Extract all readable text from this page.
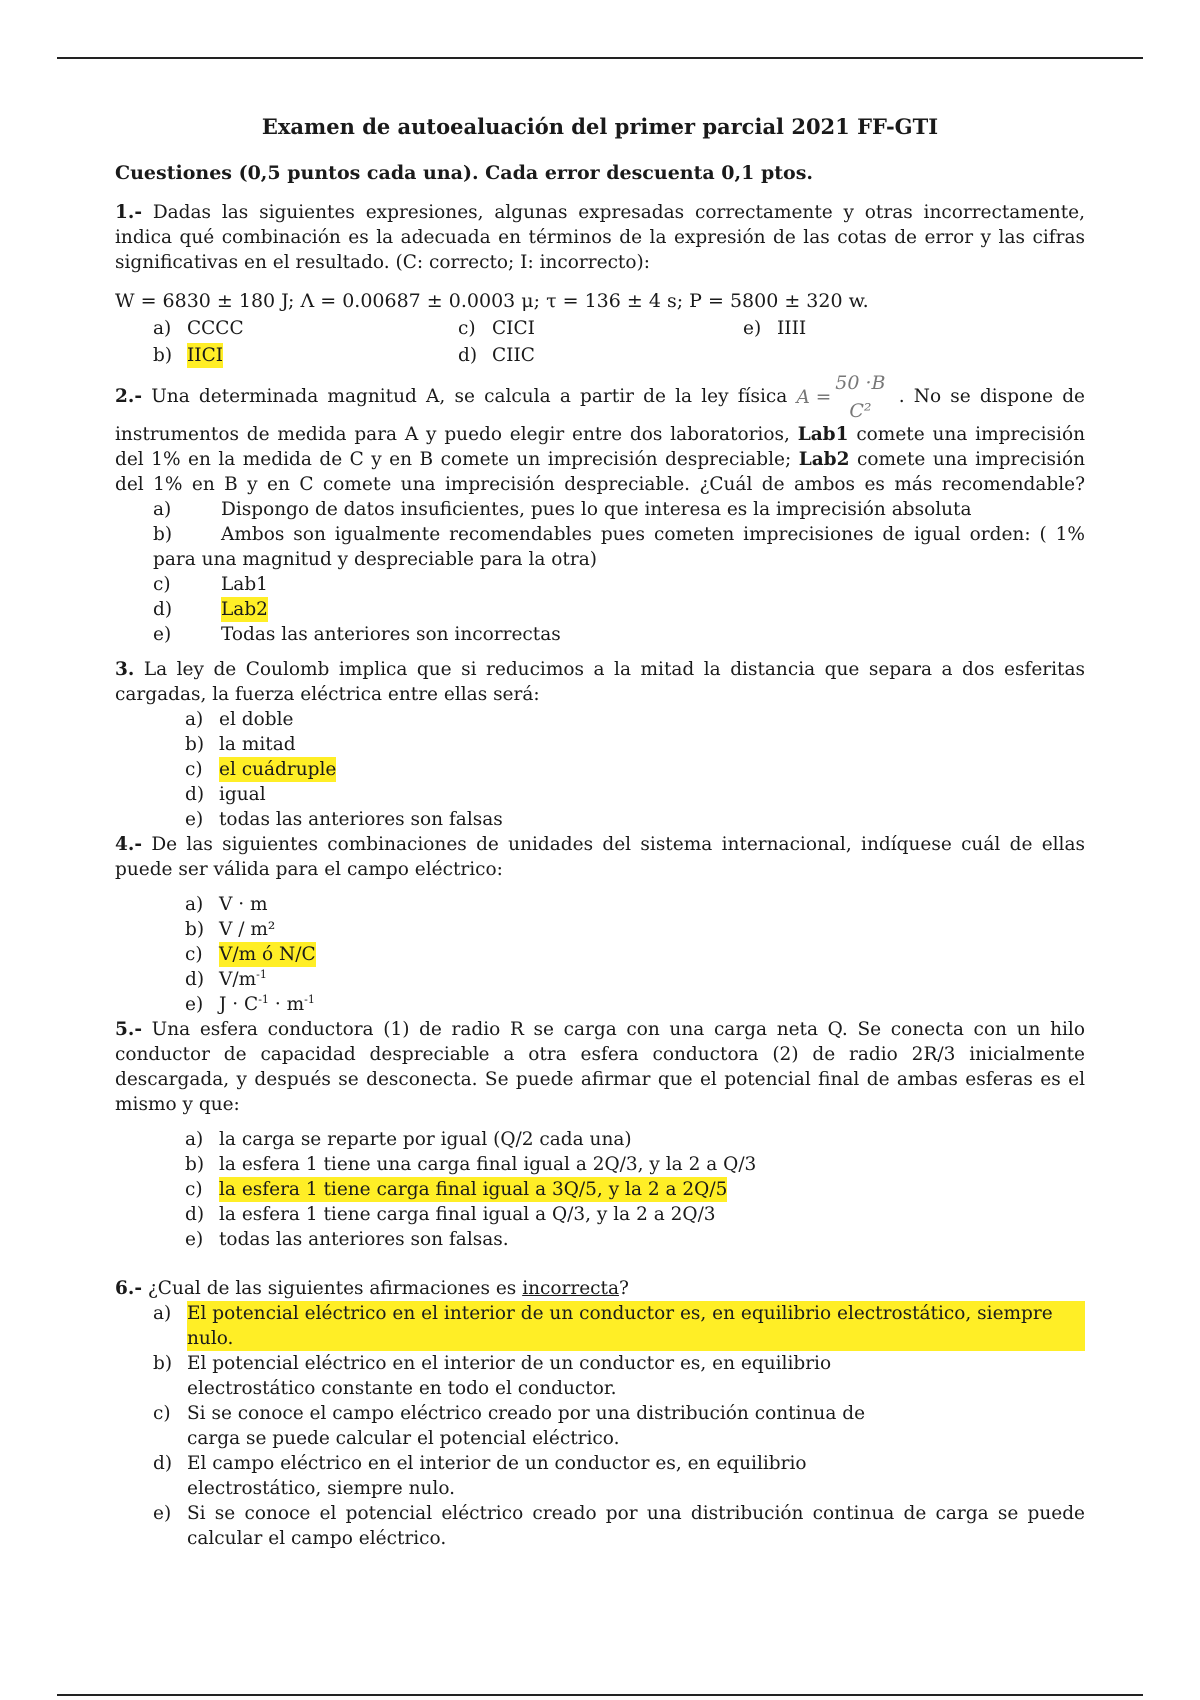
Examen de autoealuación del primer parcial 2021 FF-GTI
Cuestiones (0,5 puntos cada una). Cada error descuenta 0,1 ptos.

1.- Dadas las siguientes expresiones, algunas expresadas correctamente y otras incorrectamente, indica qué combinación es la adecuada en términos de la expresión de las cotas de error y las cifras significativas en el resultado. (C: correcto; I: incorrecto):

W = 6830 ± 180 J; Λ = 0.00687 ± 0.0003 μ; τ = 136 ± 4 s; P = 5800 ± 320 w.

a) CCCC	c) CICI	e) IIII
b) IICI	d) CIIC

2.- Una determinada magnitud A, se calcula a partir de la ley física A =
50 ·B
C²
. No se dispone de instrumentos de medida para A y puedo elegir entre dos laboratorios, Lab1 comete una imprecisión del 1% en la medida de C y en B comete un imprecisión despreciable; Lab2 comete una imprecisión del 1% en B y en C comete una imprecisión despreciable. ¿Cuál de ambos es más recomendable?

a)	Dispongo de datos insuficientes, pues lo que interesa es la imprecisión absoluta

b)	Ambos son igualmente recomendables pues cometen imprecisiones de igual orden: ( 1% para una magnitud y despreciable para la otra)

c)	Lab1
d)	Lab2
e)	Todas las anteriores son incorrectas

3. La ley de Coulomb implica que si reducimos a la mitad la distancia que separa a dos esferitas cargadas, la fuerza eléctrica entre ellas será:

a) el doble
b) la mitad
c) el cuádruple
d) igual
e) todas las anteriores son falsas

4.- De las siguientes combinaciones de unidades del sistema internacional, indíquese cuál de ellas puede ser válida para el campo eléctrico:

a) V · m
b) V / m²
c) V/m ó N/C
d) $V/m^{-1}$
e) $J \cdot C^{-1} \cdot m^{-1}$

5.- Una esfera conductora (1) de radio R se carga con una carga neta Q. Se conecta con un hilo conductor de capacidad despreciable a otra esfera conductora (2) de radio 2R/3 inicialmente descargada, y después se desconecta. Se puede afirmar que el potencial final de ambas esferas es el mismo y que:

a) la carga se reparte por igual (Q/2 cada una)
b) la esfera 1 tiene una carga final igual a 2Q/3, y la 2 a Q/3
c) la esfera 1 tiene carga final igual a 3Q/5, y la 2 a 2Q/5
d) la esfera 1 tiene carga final igual a Q/3, y la 2 a 2Q/3
e) todas las anteriores son falsas.

6.- ¿Cual de las siguientes afirmaciones es incorrecta?

a) El potencial eléctrico en el interior de un conductor es, en equilibrio electrostático, siempre nulo.
b) El potencial eléctrico en el interior de un conductor es, en equilibrio
electrostático constante en todo el conductor.
c) Si se conoce el campo eléctrico creado por una distribución continua de
carga se puede calcular el potencial eléctrico.
d) El campo eléctrico en el interior de un conductor es, en equilibrio
electrostático, siempre nulo.
e) Si se conoce el potencial eléctrico creado por una distribución continua de carga se puede calcular el campo eléctrico.
